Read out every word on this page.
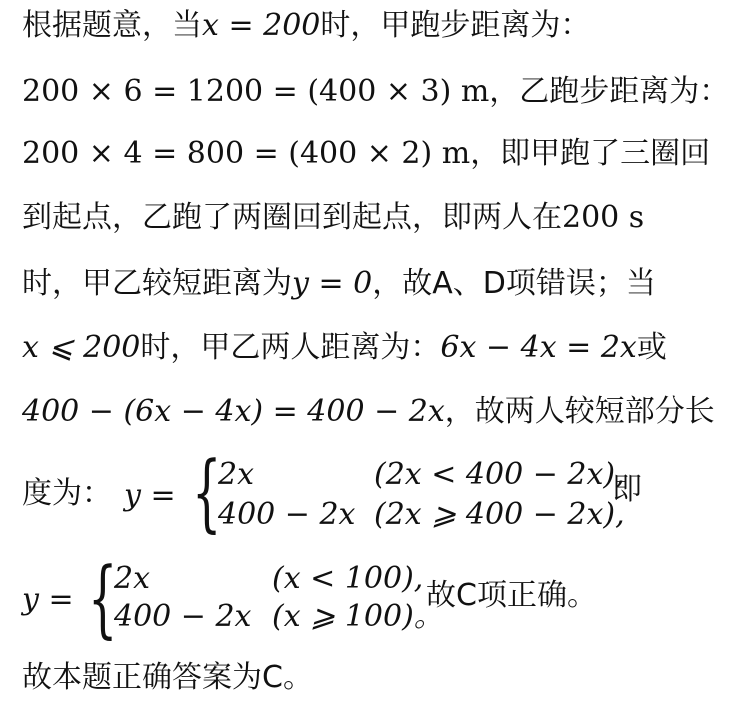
根据题意，当x = 200时，甲跑步距离为：
200 × 6 = 1200 = (400 × 3) m，乙跑步距离为：
200 × 4 = 800 = (400 × 2) m，即甲跑了三圈回
到起点，乙跑了两圈回到起点，即两人在200 s
时，甲乙较短距离为y = 0，故A、D项错误；当
x ⩽ 200时，甲乙两人距离为：6x − 4x = 2x或
400 − (6x − 4x) = 400 − 2x，故两人较短部分长
度为： y = {
2x	(2x < 400 − 2x),
400 − 2x (2x ⩾ 400 − 2x),
即
y = {
2x	(x < 100),
400 − 2x (x ⩾ 100)。
故C项正确。
故本题正确答案为C。
